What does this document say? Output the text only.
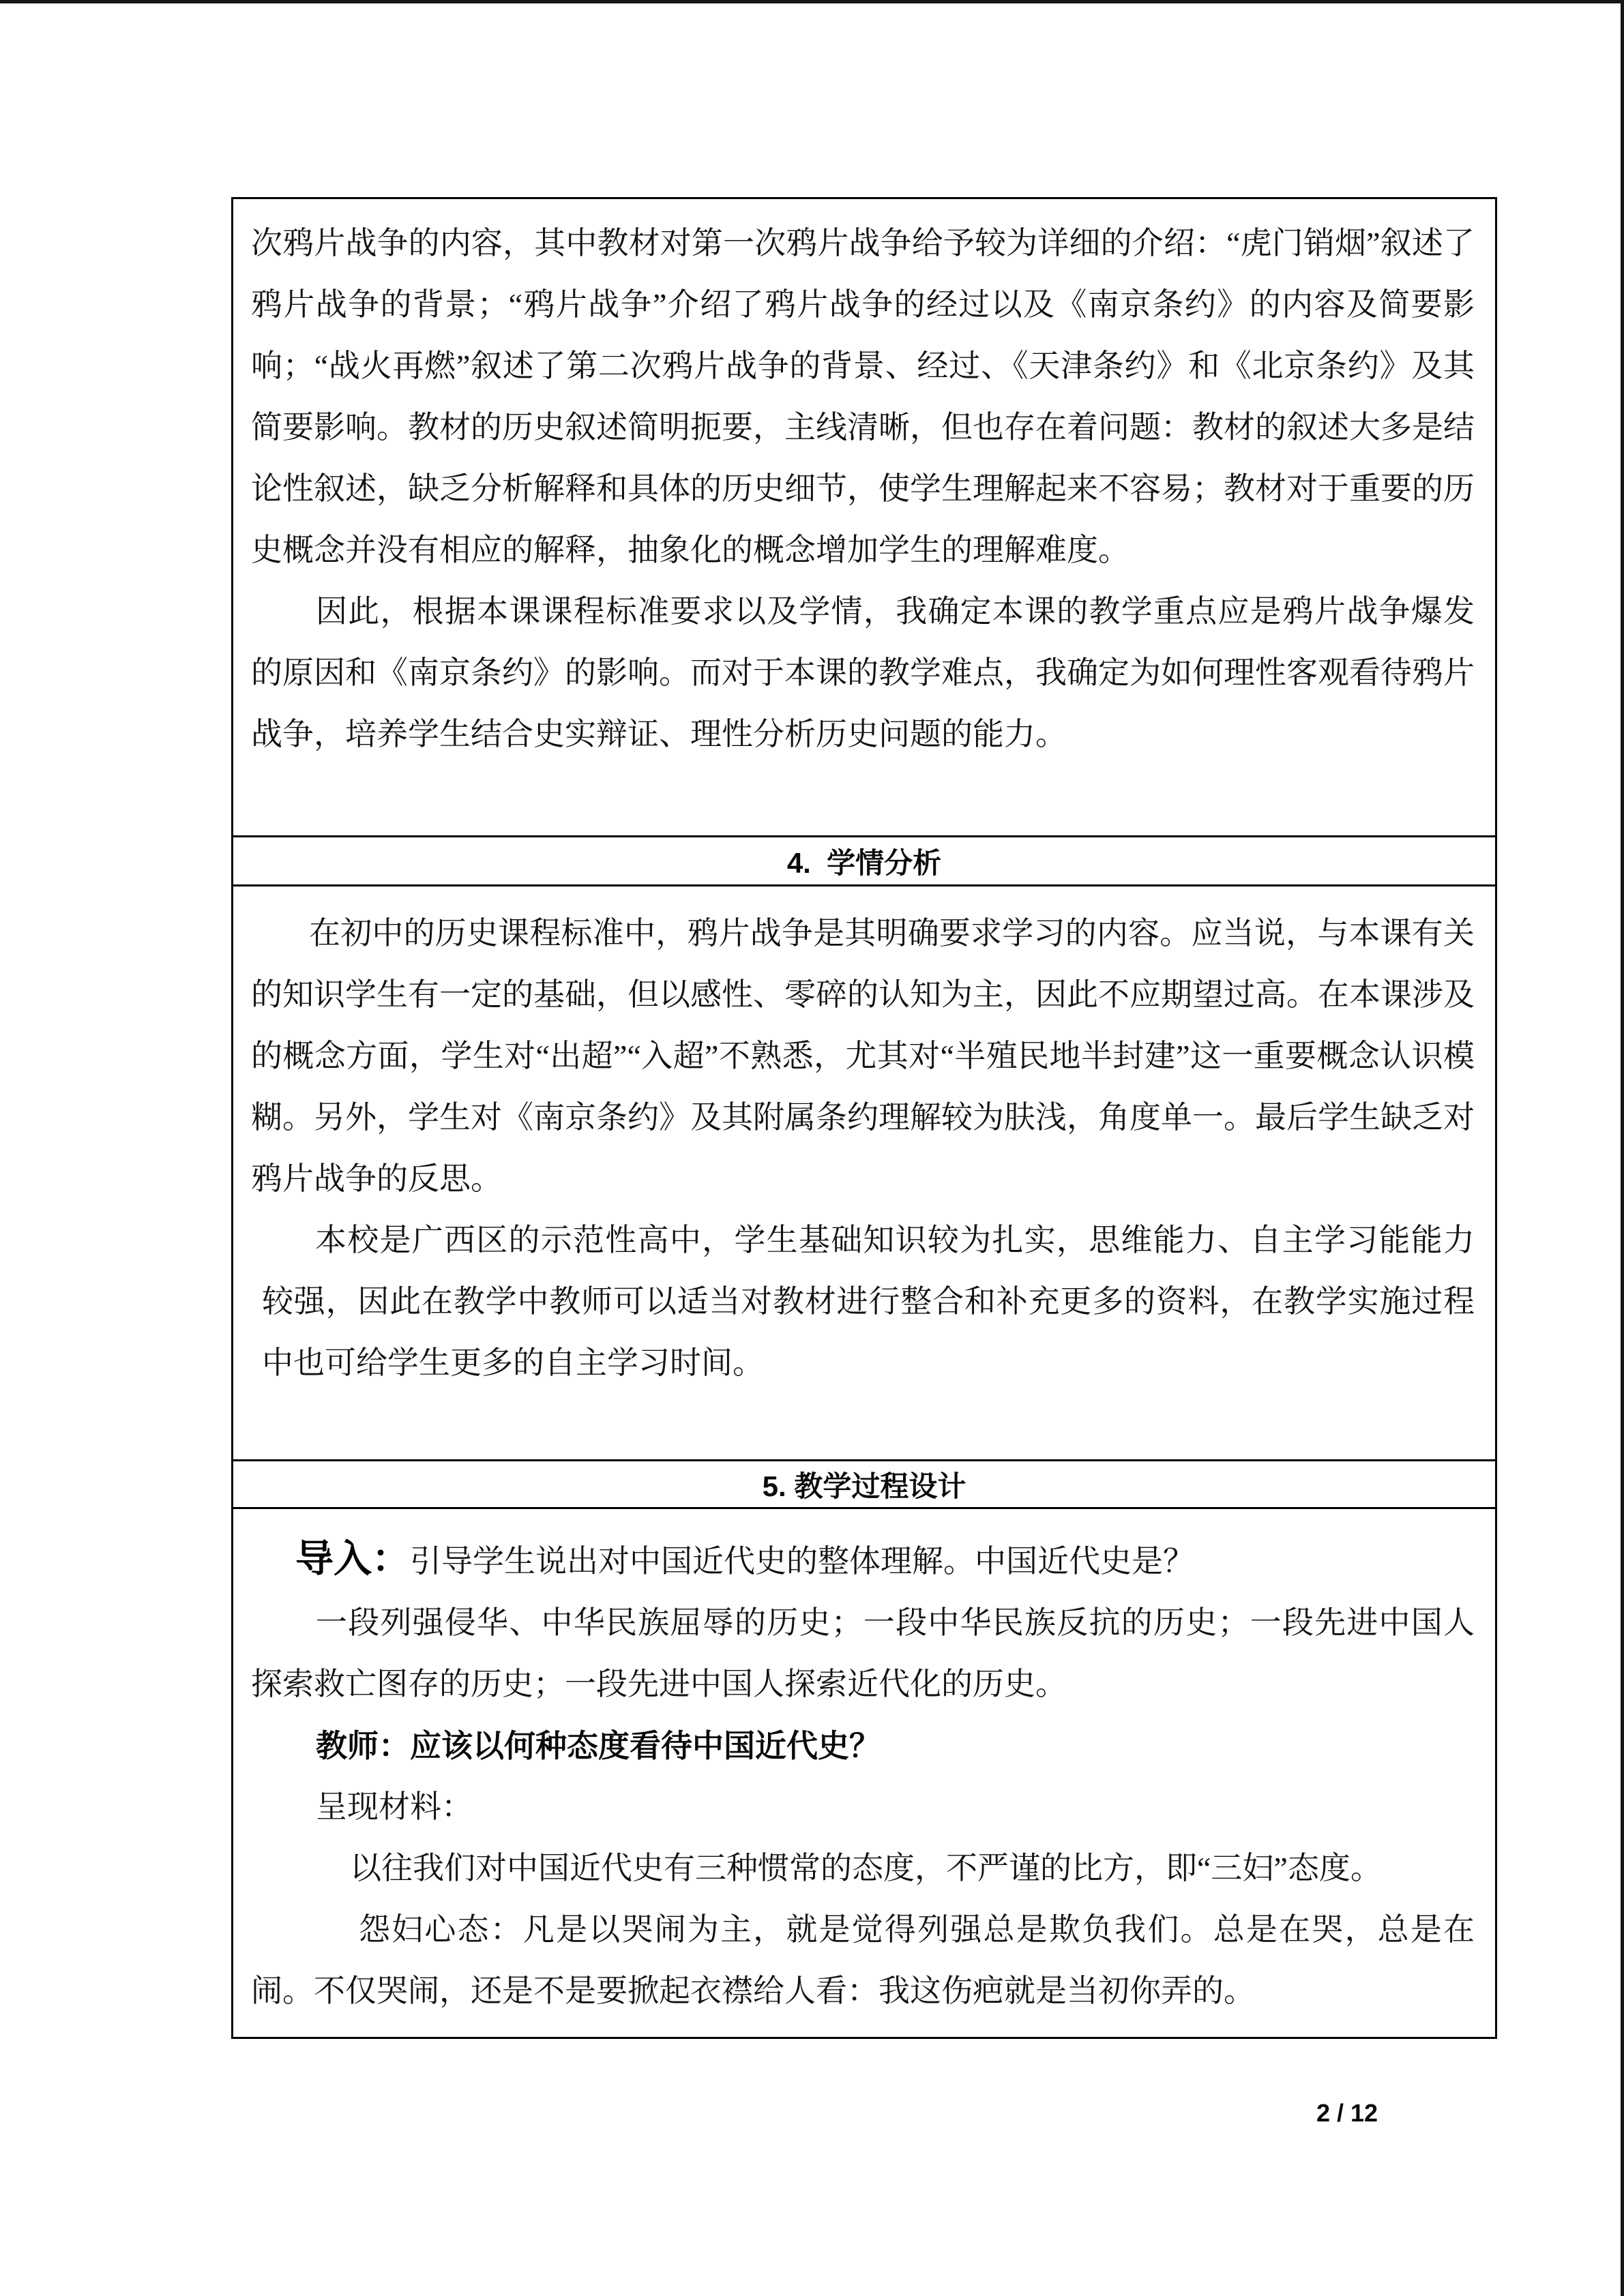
次鸦片战争的内容，其中教材对第一次鸦片战争给予较为详细的介绍：“虎门销烟”叙述了鸦片战争的背景；“鸦片战争”介绍了鸦片战争的经过以及《南京条约》的内容及简要影响；“战火再燃”叙述了第二次鸦片战争的背景、经过、《天津条约》和《北京条约》及其简要影响。教材的历史叙述简明扼要，主线清晰，但也存在着问题：教材的叙述大多是结论性叙述，缺乏分析解释和具体的历史细节，使学生理解起来不容易；教材对于重要的历史概念并没有相应的解释，抽象化的概念增加学生的理解难度。

因此，根据本课课程标准要求以及学情，我确定本课的教学重点应是鸦片战争爆发的原因和《南京条约》的影响。而对于本课的教学难点，我确定为如何理性客观看待鸦片战争，培养学生结合史实辩证、理性分析历史问题的能力。

4.  学情分析

在初中的历史课程标准中，鸦片战争是其明确要求学习的内容。应当说，与本课有关的知识学生有一定的基础，但以感性、零碎的认知为主，因此不应期望过高。在本课涉及的概念方面，学生对“出超”“入超”不熟悉，尤其对“半殖民地半封建”这一重要概念认识模糊。另外，学生对《南京条约》及其附属条约理解较为肤浅，角度单一。最后学生缺乏对鸦片战争的反思。

本校是广西区的示范性高中，学生基础知识较为扎实，思维能力、自主学习能能力较强，因此在教学中教师可以适当对教材进行整合和补充更多的资料，在教学实施过程中也可给学生更多的自主学习时间。

5. 教学过程设计

导入：引导学生说出对中国近代史的整体理解。中国近代史是？

一段列强侵华、中华民族屈辱的历史；一段中华民族反抗的历史；一段先进中国人探索救亡图存的历史；一段先进中国人探索近代化的历史。

教师：应该以何种态度看待中国近代史？

呈现材料：

以往我们对中国近代史有三种惯常的态度，不严谨的比方，即“三妇”态度。

怨妇心态：凡是以哭闹为主，就是觉得列强总是欺负我们。总是在哭，总是在闹。不仅哭闹，还是不是要掀起衣襟给人看：我这伤疤就是当初你弄的。

2 / 12
